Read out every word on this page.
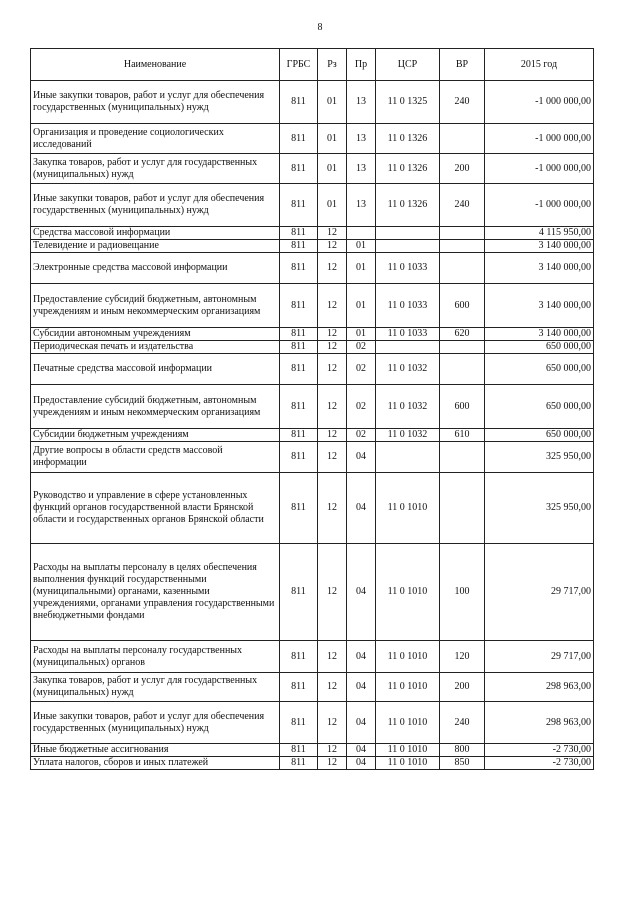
8
Наименование	ГРБС	Рз	Пр	ЦСР	ВР	2015 год
Иные закупки товаров, работ и услуг для обеспечения государственных (муниципальных) нужд	811	01	13	11 0 1325	240	-1 000 000,00
Организация и проведение социологических исследований	811	01	13	11 0 1326		-1 000 000,00
Закупка товаров, работ и услуг для государственных (муниципальных) нужд	811	01	13	11 0 1326	200	-1 000 000,00
Иные закупки товаров, работ и услуг для обеспечения государственных (муниципальных) нужд	811	01	13	11 0 1326	240	-1 000 000,00
Средства массовой информации	811	12				4 115 950,00
Телевидение и радиовещание	811	12	01			3 140 000,00
Электронные средства массовой информации	811	12	01	11 0 1033		3 140 000,00
Предоставление субсидий бюджетным, автономным учреждениям и иным некоммерческим организациям	811	12	01	11 0 1033	600	3 140 000,00
Субсидии автономным учреждениям	811	12	01	11 0 1033	620	3 140 000,00
Периодическая печать и издательства	811	12	02			650 000,00
Печатные средства массовой информации	811	12	02	11 0 1032		650 000,00
Предоставление субсидий бюджетным, автономным учреждениям и иным некоммерческим организациям	811	12	02	11 0 1032	600	650 000,00
Субсидии бюджетным учреждениям	811	12	02	11 0 1032	610	650 000,00
Другие вопросы в области средств массовой информации	811	12	04			325 950,00
Руководство и управление в сфере установленных функций органов государственной власти Брянской области и государственных органов Брянской области	811	12	04	11 0 1010		325 950,00
Расходы на выплаты персоналу в целях обеспечения выполнения функций государственными (муниципальными) органами, казенными учреждениями, органами управления государственными внебюджетными фондами	811	12	04	11 0 1010	100	29 717,00
Расходы на выплаты персоналу государственных (муниципальных) органов	811	12	04	11 0 1010	120	29 717,00
Закупка товаров, работ и услуг для государственных (муниципальных) нужд	811	12	04	11 0 1010	200	298 963,00
Иные закупки товаров, работ и услуг для обеспечения государственных (муниципальных) нужд	811	12	04	11 0 1010	240	298 963,00
Иные бюджетные ассигнования	811	12	04	11 0 1010	800	-2 730,00
Уплата налогов, сборов и иных платежей	811	12	04	11 0 1010	850	-2 730,00
